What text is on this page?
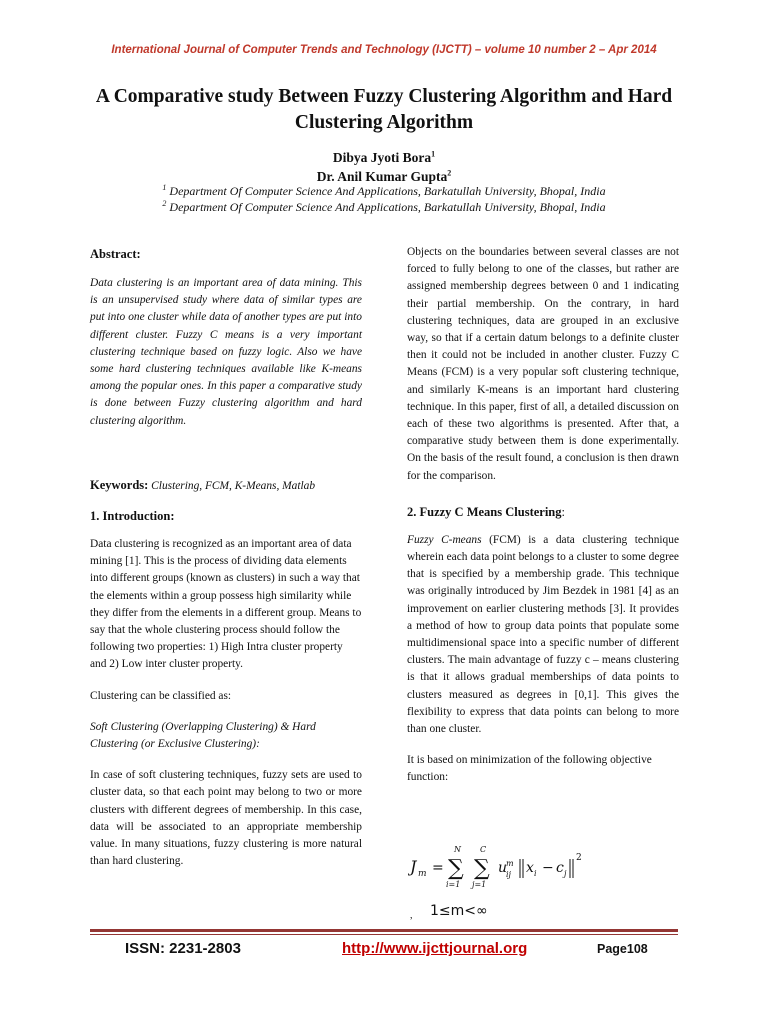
International Journal of Computer Trends and Technology (IJCTT) – volume 10 number 2 – Apr 2014
A Comparative study Between Fuzzy Clustering Algorithm and Hard Clustering Algorithm
Dibya Jyoti Bora$^1$
Dr. Anil Kumar Gupta$^2$
$^1$ Department Of Computer Science And Applications, Barkatullah University, Bhopal, India
$^2$ Department Of Computer Science And Applications, Barkatullah University, Bhopal, India
Abstract:

Data clustering is an important area of data mining. This is an unsupervised study where data of similar types are put into one cluster while data of another types are put into different cluster. Fuzzy C means is a very important clustering technique based on fuzzy logic. Also we have some hard clustering techniques available like K-means among the popular ones. In this paper a comparative study is done between Fuzzy clustering algorithm and hard clustering algorithm.

Keywords: Clustering, FCM, K-Means, Matlab

1. Introduction:

Data clustering is recognized as an important area of data mining [1]. This is the process of dividing data elements into different groups (known as clusters) in such a way that the elements within a group possess high similarity while they differ from the elements in a different group. Means to say that the whole clustering process should follow the following two properties: 1) High Intra cluster property and 2) Low inter cluster property.

Clustering can be classified as:

Soft Clustering (Overlapping Clustering) & Hard Clustering (or Exclusive Clustering):

In case of soft clustering techniques, fuzzy sets are used to cluster data, so that each point may belong to two or more clusters with different degrees of membership. In this case, data will be associated to an appropriate membership value. In many situations, fuzzy clustering is more natural than hard clustering.

Objects on the boundaries between several classes are not forced to fully belong to one of the classes, but rather are assigned membership degrees between 0 and 1 indicating their partial membership. On the contrary, in hard clustering techniques, data are grouped in an exclusive way, so that if a certain datum belongs to a definite cluster then it could not be included in another cluster. Fuzzy C Means (FCM) is a very popular soft clustering technique, and similarly K-means is an important hard clustering technique. In this paper, first of all, a detailed discussion on each of these two algorithms is presented. After that, a comparative study between them is done experimentally. On the basis of the result found, a conclusion is then drawn for the comparison.

2. Fuzzy C Means Clustering:

Fuzzy C-means (FCM) is a data clustering technique wherein each data point belongs to a cluster to some degree that is specified by a membership grade. This technique was originally introduced by Jim Bezdek in 1981 [4] as an improvement on earlier clustering methods [3]. It provides a method of how to group data points that populate some multidimensional space into a specific number of different clusters. The main advantage of fuzzy c – means clustering is that it allows gradual memberships of data points to clusters measured as degrees in [0,1]. This gives the flexibility to express that data points can belong to more than one cluster.

It is based on minimization of the following objective function:

J m =
N
∑
i=1
C
∑
j=1
u
m
ij x i − c j
2
, 1≤m<∞
ISSN: 2231-2803	http://www.ijcttjournal.org	Page108
